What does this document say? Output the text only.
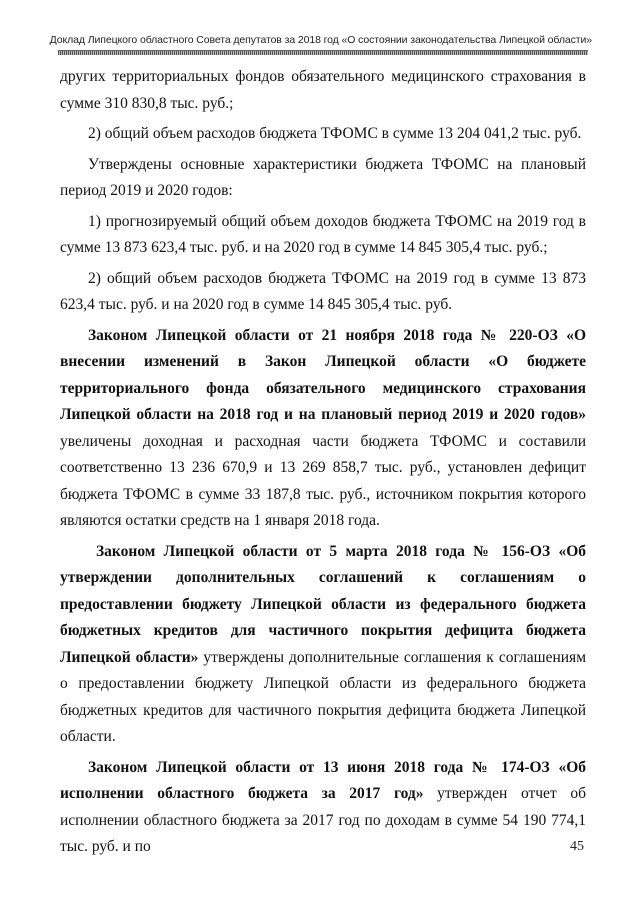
Доклад Липецкого областного Совета депутатов за 2018 год «О состоянии законодательства Липецкой области»

других территориальных фондов обязательного медицинского страхования в сумме 310 830,8 тыс. руб.;

2) общий объем расходов бюджета ТФОМС в сумме 13 204 041,2 тыс. руб.

Утверждены основные характеристики бюджета ТФОМС на плановый период 2019 и 2020 годов:

1) прогнозируемый общий объем доходов бюджета ТФОМС на 2019 год в сумме 13 873 623,4 тыс. руб. и на 2020 год в сумме 14 845 305,4 тыс. руб.;

2) общий объем расходов бюджета ТФОМС на 2019 год в сумме 13 873 623,4 тыс. руб. и на 2020 год в сумме 14 845 305,4 тыс. руб.

Законом Липецкой области от 21 ноября 2018 года № 220-ОЗ «О внесении изменений в Закон Липецкой области «О бюджете территориального фонда обязательного медицинского страхования Липецкой области на 2018 год и на плановый период 2019 и 2020 годов» увеличены доходная и расходная части бюджета ТФОМС и составили соответственно 13 236 670,9 и 13 269 858,7 тыс. руб., установлен дефицит бюджета ТФОМС в сумме 33 187,8 тыс. руб., источником покрытия которого являются остатки средств на 1 января 2018 года.

Законом Липецкой области от 5 марта 2018 года № 156-ОЗ «Об утверждении дополнительных соглашений к соглашениям о предоставлении бюджету Липецкой области из федерального бюджета бюджетных кредитов для частичного покрытия дефицита бюджета Липецкой области» утверждены дополнительные соглашения к соглашениям о предоставлении бюджету Липецкой области из федерального бюджета бюджетных кредитов для частичного покрытия дефицита бюджета Липецкой области.

Законом Липецкой области от 13 июня 2018 года № 174-ОЗ «Об исполнении областного бюджета за 2017 год» утвержден отчет об исполнении областного бюджета за 2017 год по доходам в сумме 54 190 774,1 тыс. руб. и по	45
